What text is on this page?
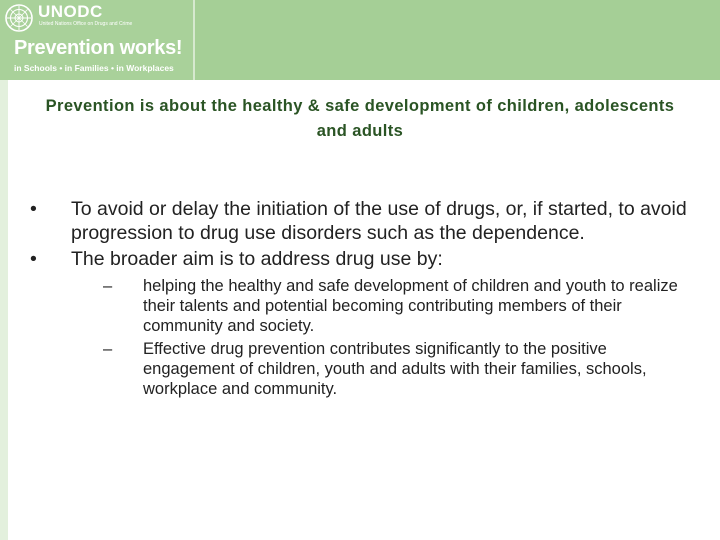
UNODC
United Nations Office on Drugs and Crime
Prevention works!
in Schools • in Families • in Workplaces
Prevention is about the healthy & safe development of children, adolescents and adults
• To avoid or delay the initiation of the use of drugs, or, if started, to avoid progression to drug use disorders such as the dependence.
• The broader aim is to address drug use by:
– helping the healthy and safe development of children and youth to realize their talents and potential becoming contributing members of their community and society.
– Effective drug prevention contributes significantly to the positive engagement of children, youth and adults with their families, schools, workplace and community.
